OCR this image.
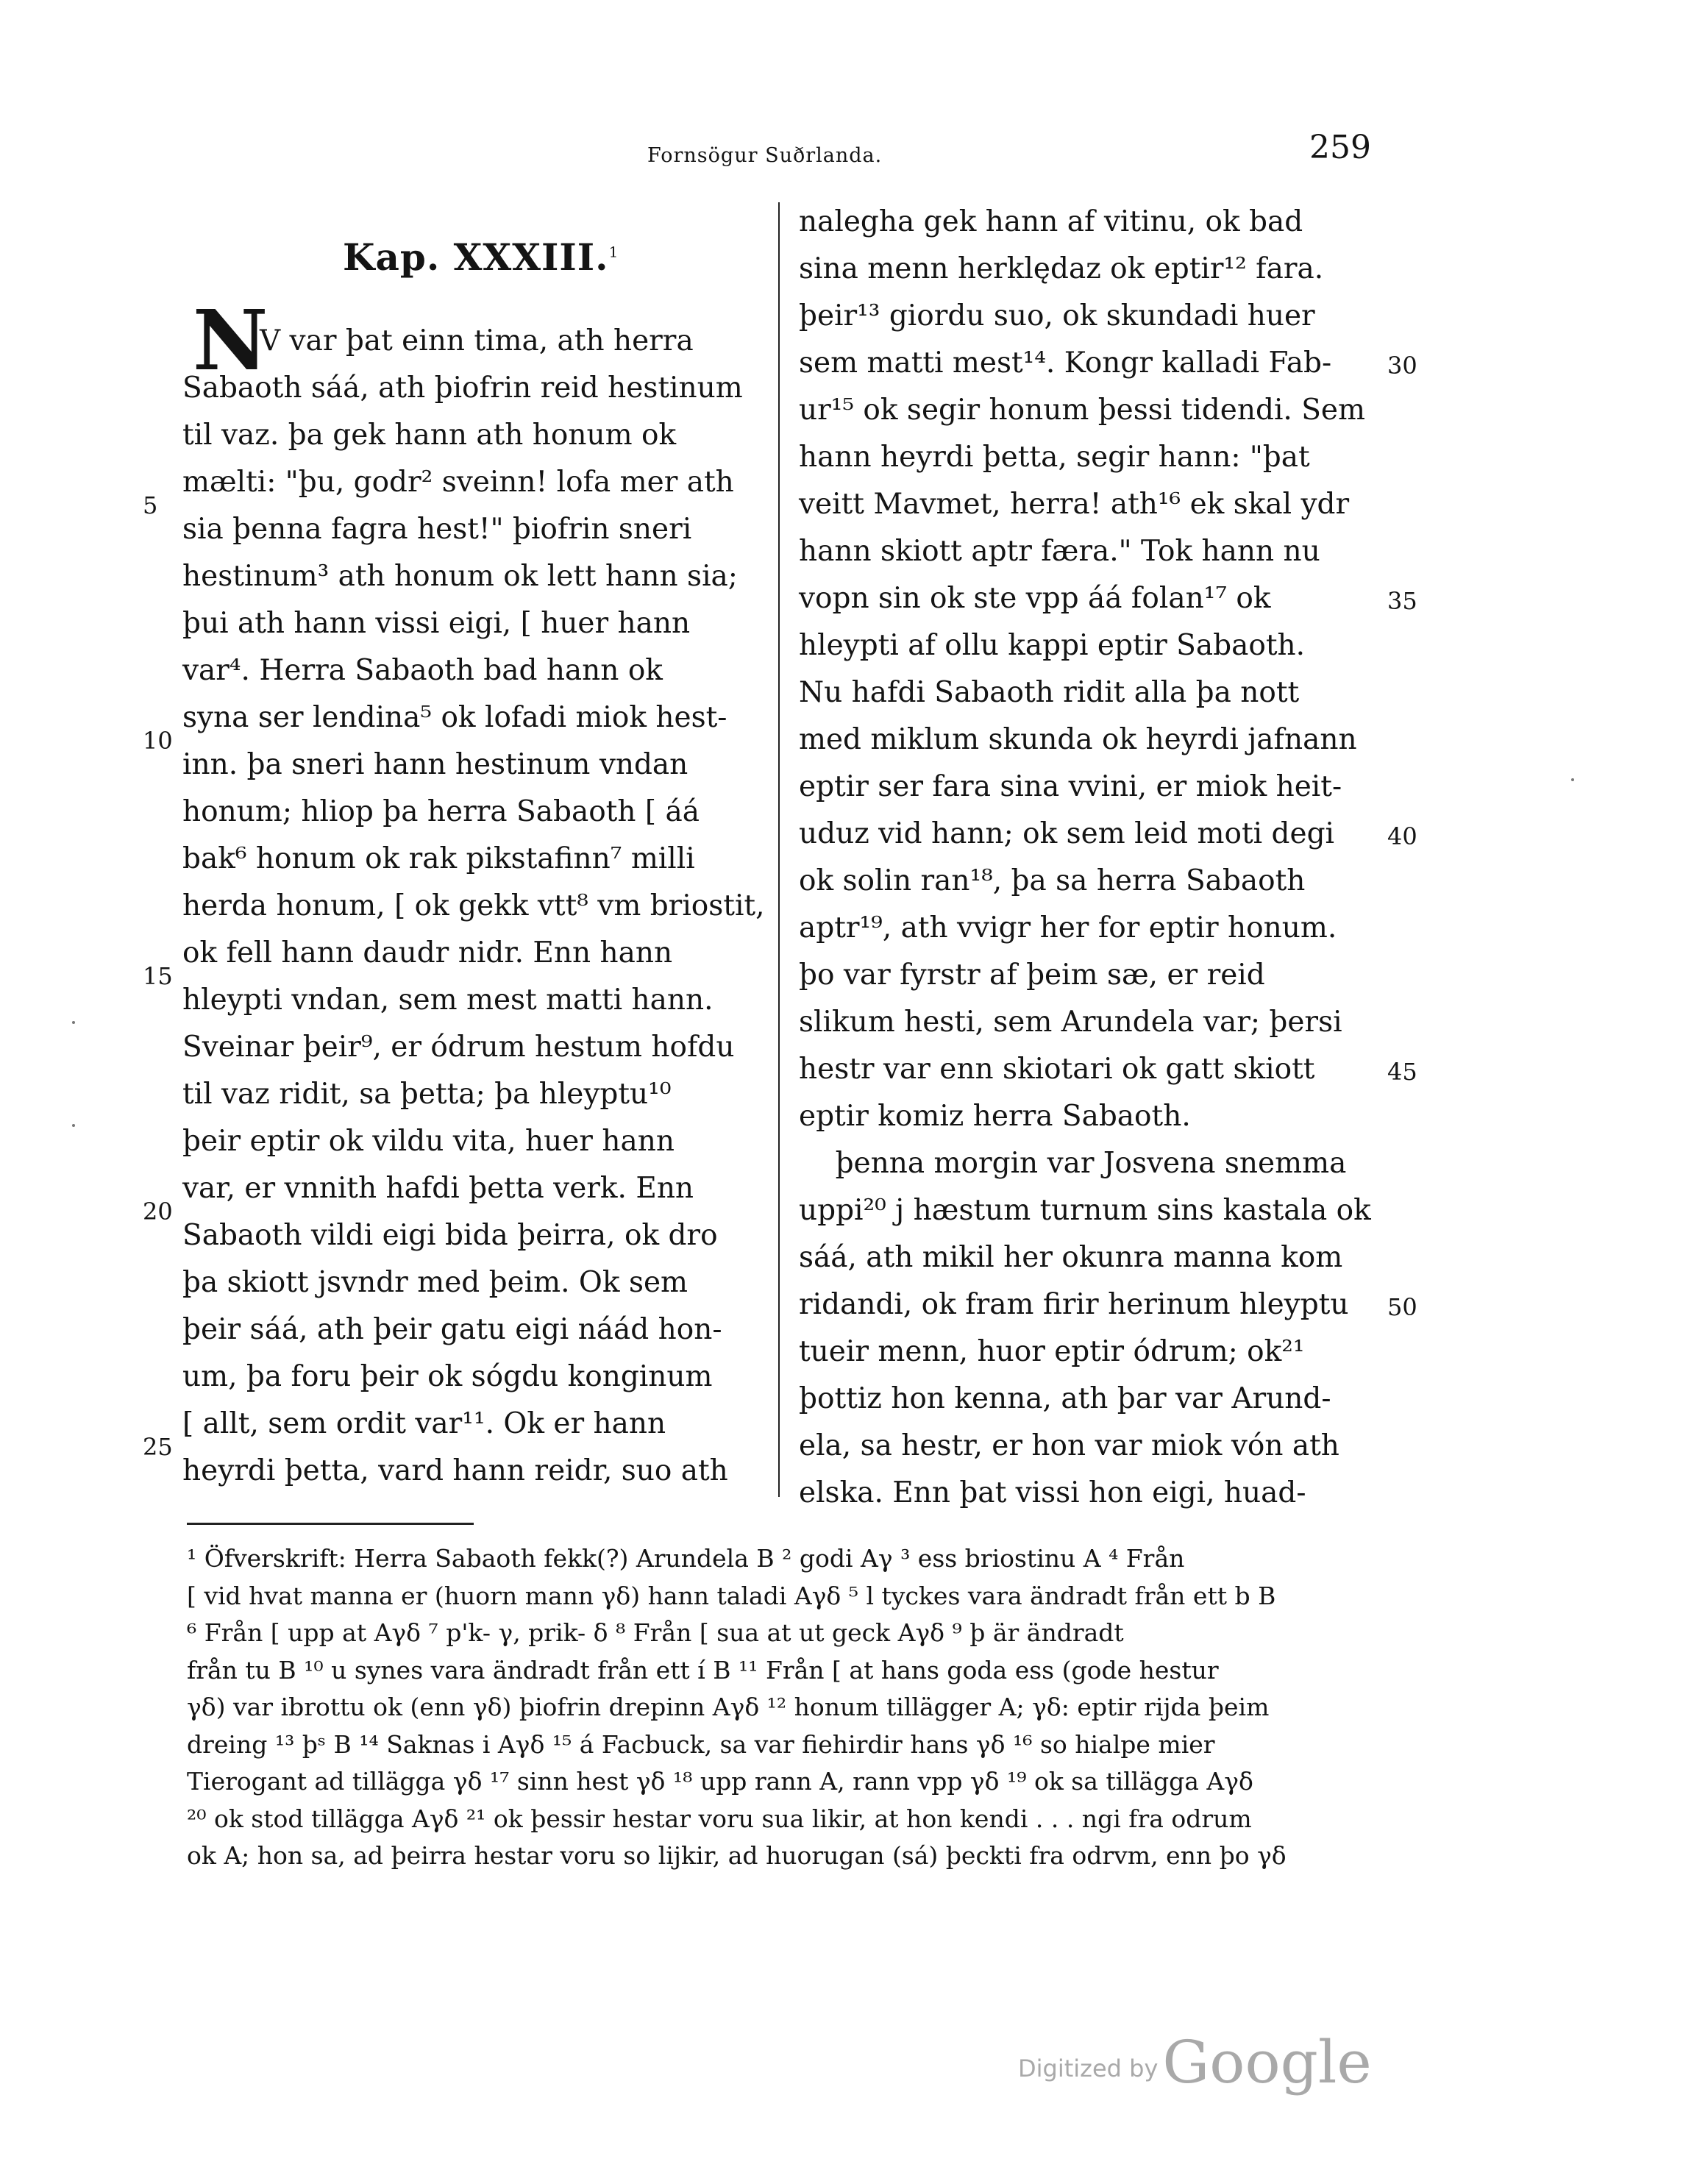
Fornsögur Suðrlanda.	259
Kap. XXXIII.$^1$
N
V var þat einn tima, ath herra
Sabaoth sáá, ath þiofrin reid hestinum
til vaz. þa gek hann ath honum ok
mælti: "þu, godr² sveinn! lofa mer ath
sia þenna fagra hest!" þiofrin sneri
hestinum³ ath honum ok lett hann sia;
þui ath hann vissi eigi, [ huer hann
var⁴. Herra Sabaoth bad hann ok
syna ser lendina⁵ ok lofadi miok hest-
inn. þa sneri hann hestinum vndan
honum; hliop þa herra Sabaoth [ áá
bak⁶ honum ok rak pikstafinn⁷ milli
herda honum, [ ok gekk vtt⁸ vm briostit,
ok fell hann daudr nidr. Enn hann
hleypti vndan, sem mest matti hann.
Sveinar þeir⁹, er ódrum hestum hofdu
til vaz ridit, sa þetta; þa hleyptu¹⁰
þeir eptir ok vildu vita, huer hann
var, er vnnith hafdi þetta verk. Enn
Sabaoth vildi eigi bida þeirra, ok dro
þa skiott jsvndr med þeim. Ok sem
þeir sáá, ath þeir gatu eigi náád hon-
um, þa foru þeir ok sógdu konginum
[ allt, sem ordit var¹¹. Ok er hann
heyrdi þetta, vard hann reidr, suo ath
nalegha gek hann af vitinu, ok bad
sina menn herklędaz ok eptir¹² fara.
þeir¹³ giordu suo, ok skundadi huer
sem matti mest¹⁴. Kongr kalladi Fab-
ur¹⁵ ok segir honum þessi tidendi. Sem
hann heyrdi þetta, segir hann: "þat
veitt Mavmet, herra! ath¹⁶ ek skal ydr
hann skiott aptr færa." Tok hann nu
vopn sin ok ste vpp áá folan¹⁷ ok
hleypti af ollu kappi eptir Sabaoth.
Nu hafdi Sabaoth ridit alla þa nott
med miklum skunda ok heyrdi jafnann
eptir ser fara sina vvini, er miok heit-
uduz vid hann; ok sem leid moti degi
ok solin ran¹⁸, þa sa herra Sabaoth
aptr¹⁹, ath vvigr her for eptir honum.
þo var fyrstr af þeim sæ, er reid
slikum hesti, sem Arundela var; þersi
hestr var enn skiotari ok gatt skiott
eptir komiz herra Sabaoth.
þenna morgin var Josvena snemma
uppi²⁰ j hæstum turnum sins kastala ok
sáá, ath mikil her okunra manna kom
ridandi, ok fram firir herinum hleyptu
tueir menn, huor eptir ódrum; ok²¹
þottiz hon kenna, ath þar var Arund-
ela, sa hestr, er hon var miok vón ath
elska. Enn þat vissi hon eigi, huad-
5
10
15
20
25
30
35
40
45
50
¹ Öfverskrift: Herra Sabaoth fekk(?) Arundela B ² godi Aγ ³ ess briostinu A ⁴ Från
[ vid hvat manna er (huorn mann γδ) hann taladi Aγδ ⁵ l tyckes vara ändradt från ett b B
⁶ Från [ upp at Aγδ ⁷ p'k- γ, prik- δ ⁸ Från [ sua at ut geck Aγδ ⁹ þ är ändradt
från tu B ¹⁰ u synes vara ändradt från ett í B ¹¹ Från [ at hans goda ess (gode hestur
γδ) var ibrottu ok (enn γδ) þiofrin drepinn Aγδ ¹² honum tillägger A; γδ: eptir rijda þeim
dreing ¹³ þˢ B ¹⁴ Saknas i Aγδ ¹⁵ á Facbuck, sa var fiehirdir hans γδ ¹⁶ so hialpe mier
Tierogant ad tillägga γδ ¹⁷ sinn hest γδ ¹⁸ upp rann A, rann vpp γδ ¹⁹ ok sa tillägga Aγδ
²⁰ ok stod tillägga Aγδ ²¹ ok þessir hestar voru sua likir, at hon kendi . . . ngi fra odrum
ok A; hon sa, ad þeirra hestar voru so lijkir, ad huorugan (sá) þeckti fra odrvm, enn þo γδ
Digitized byGoogle
